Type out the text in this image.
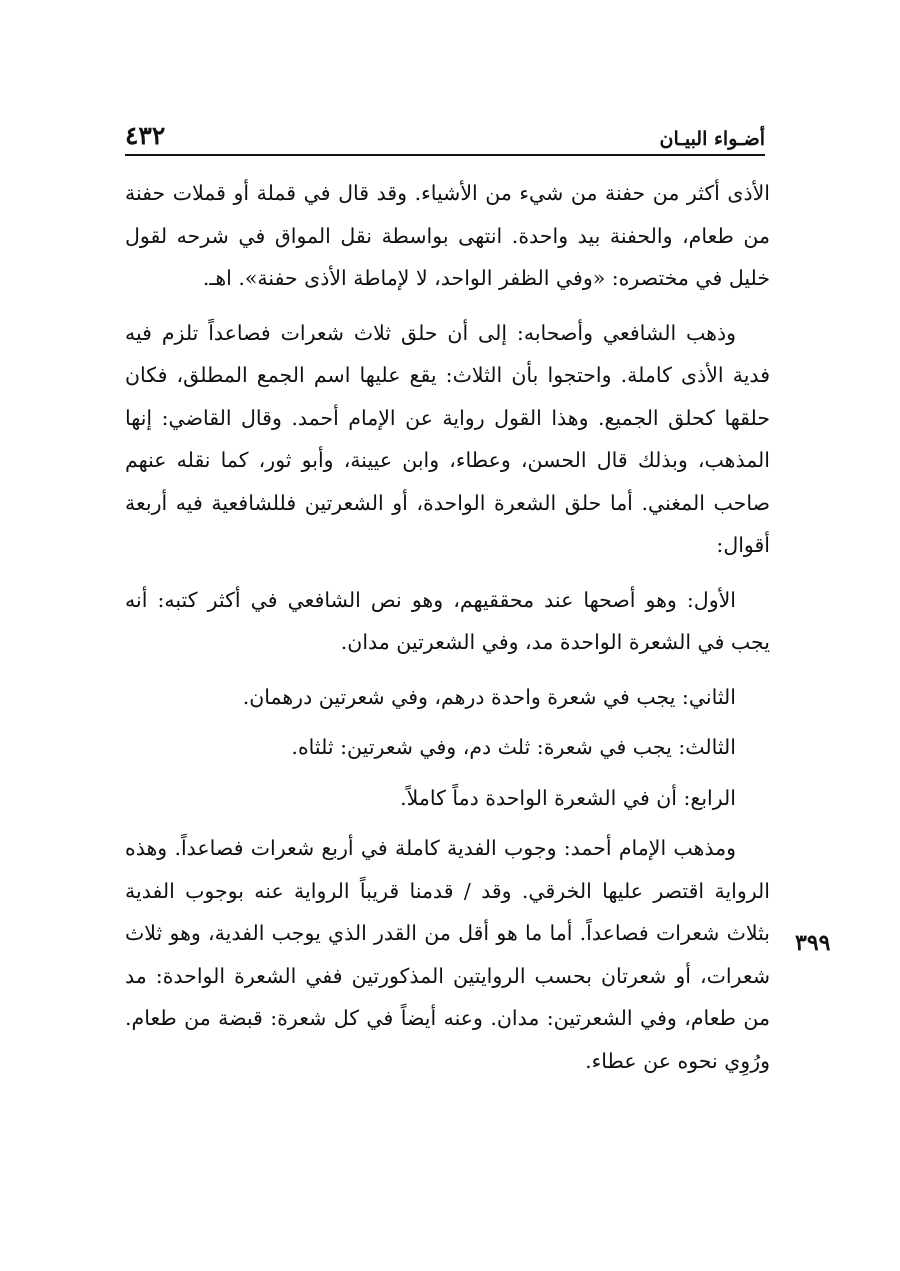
أضـواء البيـان
٤٣٢

الأذى أكثر من حفنة من شيء من الأشياء. وقد قال في قملة أو قملات حفنة من طعام، والحفنة بيد واحدة. انتهى بواسطة نقل المواق في شرحه لقول خليل في مختصره: «وفي الظفر الواحد، لا لإماطة الأذى حفنة». اهـ.

وذهب الشافعي وأصحابه: إلى أن حلق ثلاث شعرات فصاعداً تلزم فيه فدية الأذى كاملة. واحتجوا بأن الثلاث: يقع عليها اسم الجمع المطلق، فكان حلقها كحلق الجميع. وهذا القول رواية عن الإمام أحمد. وقال القاضي: إنها المذهب، وبذلك قال الحسن، وعطاء، وابن عيينة، وأبو ثور، كما نقله عنهم صاحب المغني. أما حلق الشعرة الواحدة، أو الشعرتين فللشافعية فيه أربعة أقوال:

الأول: وهو أصحها عند محققيهم، وهو نص الشافعي في أكثر كتبه: أنه يجب في الشعرة الواحدة مد، وفي الشعرتين مدان.

الثاني: يجب في شعرة واحدة درهم، وفي شعرتين درهمان.

الثالث: يجب في شعرة: ثلث دم، وفي شعرتين: ثلثاه.

الرابع: أن في الشعرة الواحدة دماً كاملاً.

ومذهب الإمام أحمد: وجوب الفدية كاملة في أربع شعرات فصاعداً. وهذه الرواية اقتصر عليها الخرقي. وقد / قدمنا قريباً الرواية عنه بوجوب الفدية بثلاث شعرات فصاعداً. أما ما هو أقل من القدر الذي يوجب الفدية، وهو ثلاث شعرات، أو شعرتان بحسب الروايتين المذكورتين ففي الشعرة الواحدة: مد من طعام، وفي الشعرتين: مدان. وعنه أيضاً في كل شعرة: قبضة من طعام. ورُوِي نحوه عن عطاء.

٣٩٩
